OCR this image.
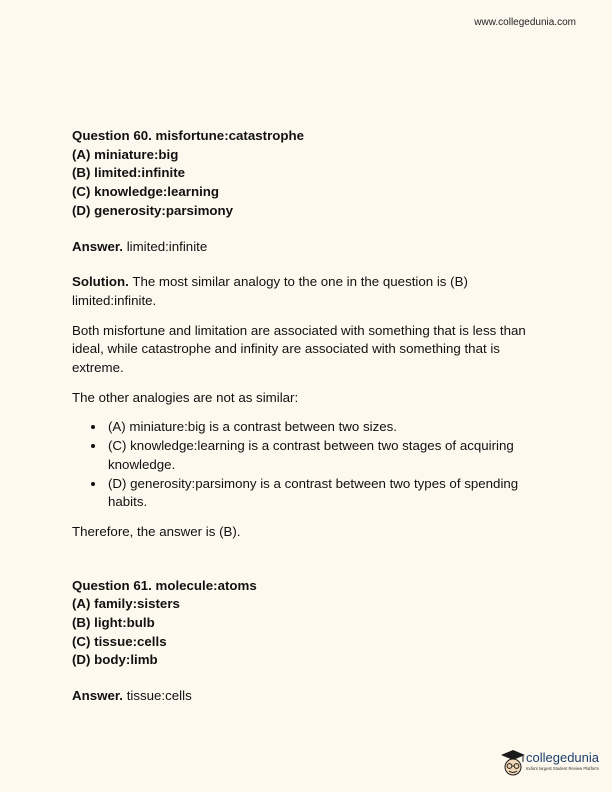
www.collegedunia.com
Question 60. misfortune:catastrophe
(A) miniature:big
(B) limited:infinite
(C) knowledge:learning
(D) generosity:parsimony
Answer. limited:infinite
Solution. The most similar analogy to the one in the question is (B) limited:infinite.
Both misfortune and limitation are associated with something that is less than ideal, while catastrophe and infinity are associated with something that is extreme.
The other analogies are not as similar:
• (A) miniature:big is a contrast between two sizes.
• (C) knowledge:learning is a contrast between two stages of acquiring knowledge.
• (D) generosity:parsimony is a contrast between two types of spending habits.
Therefore, the answer is (B).
Question 61. molecule:atoms
(A) family:sisters
(B) light:bulb
(C) tissue:cells
(D) body:limb
Answer. tissue:cells
collegedunia
India's largest Student Review Platform
